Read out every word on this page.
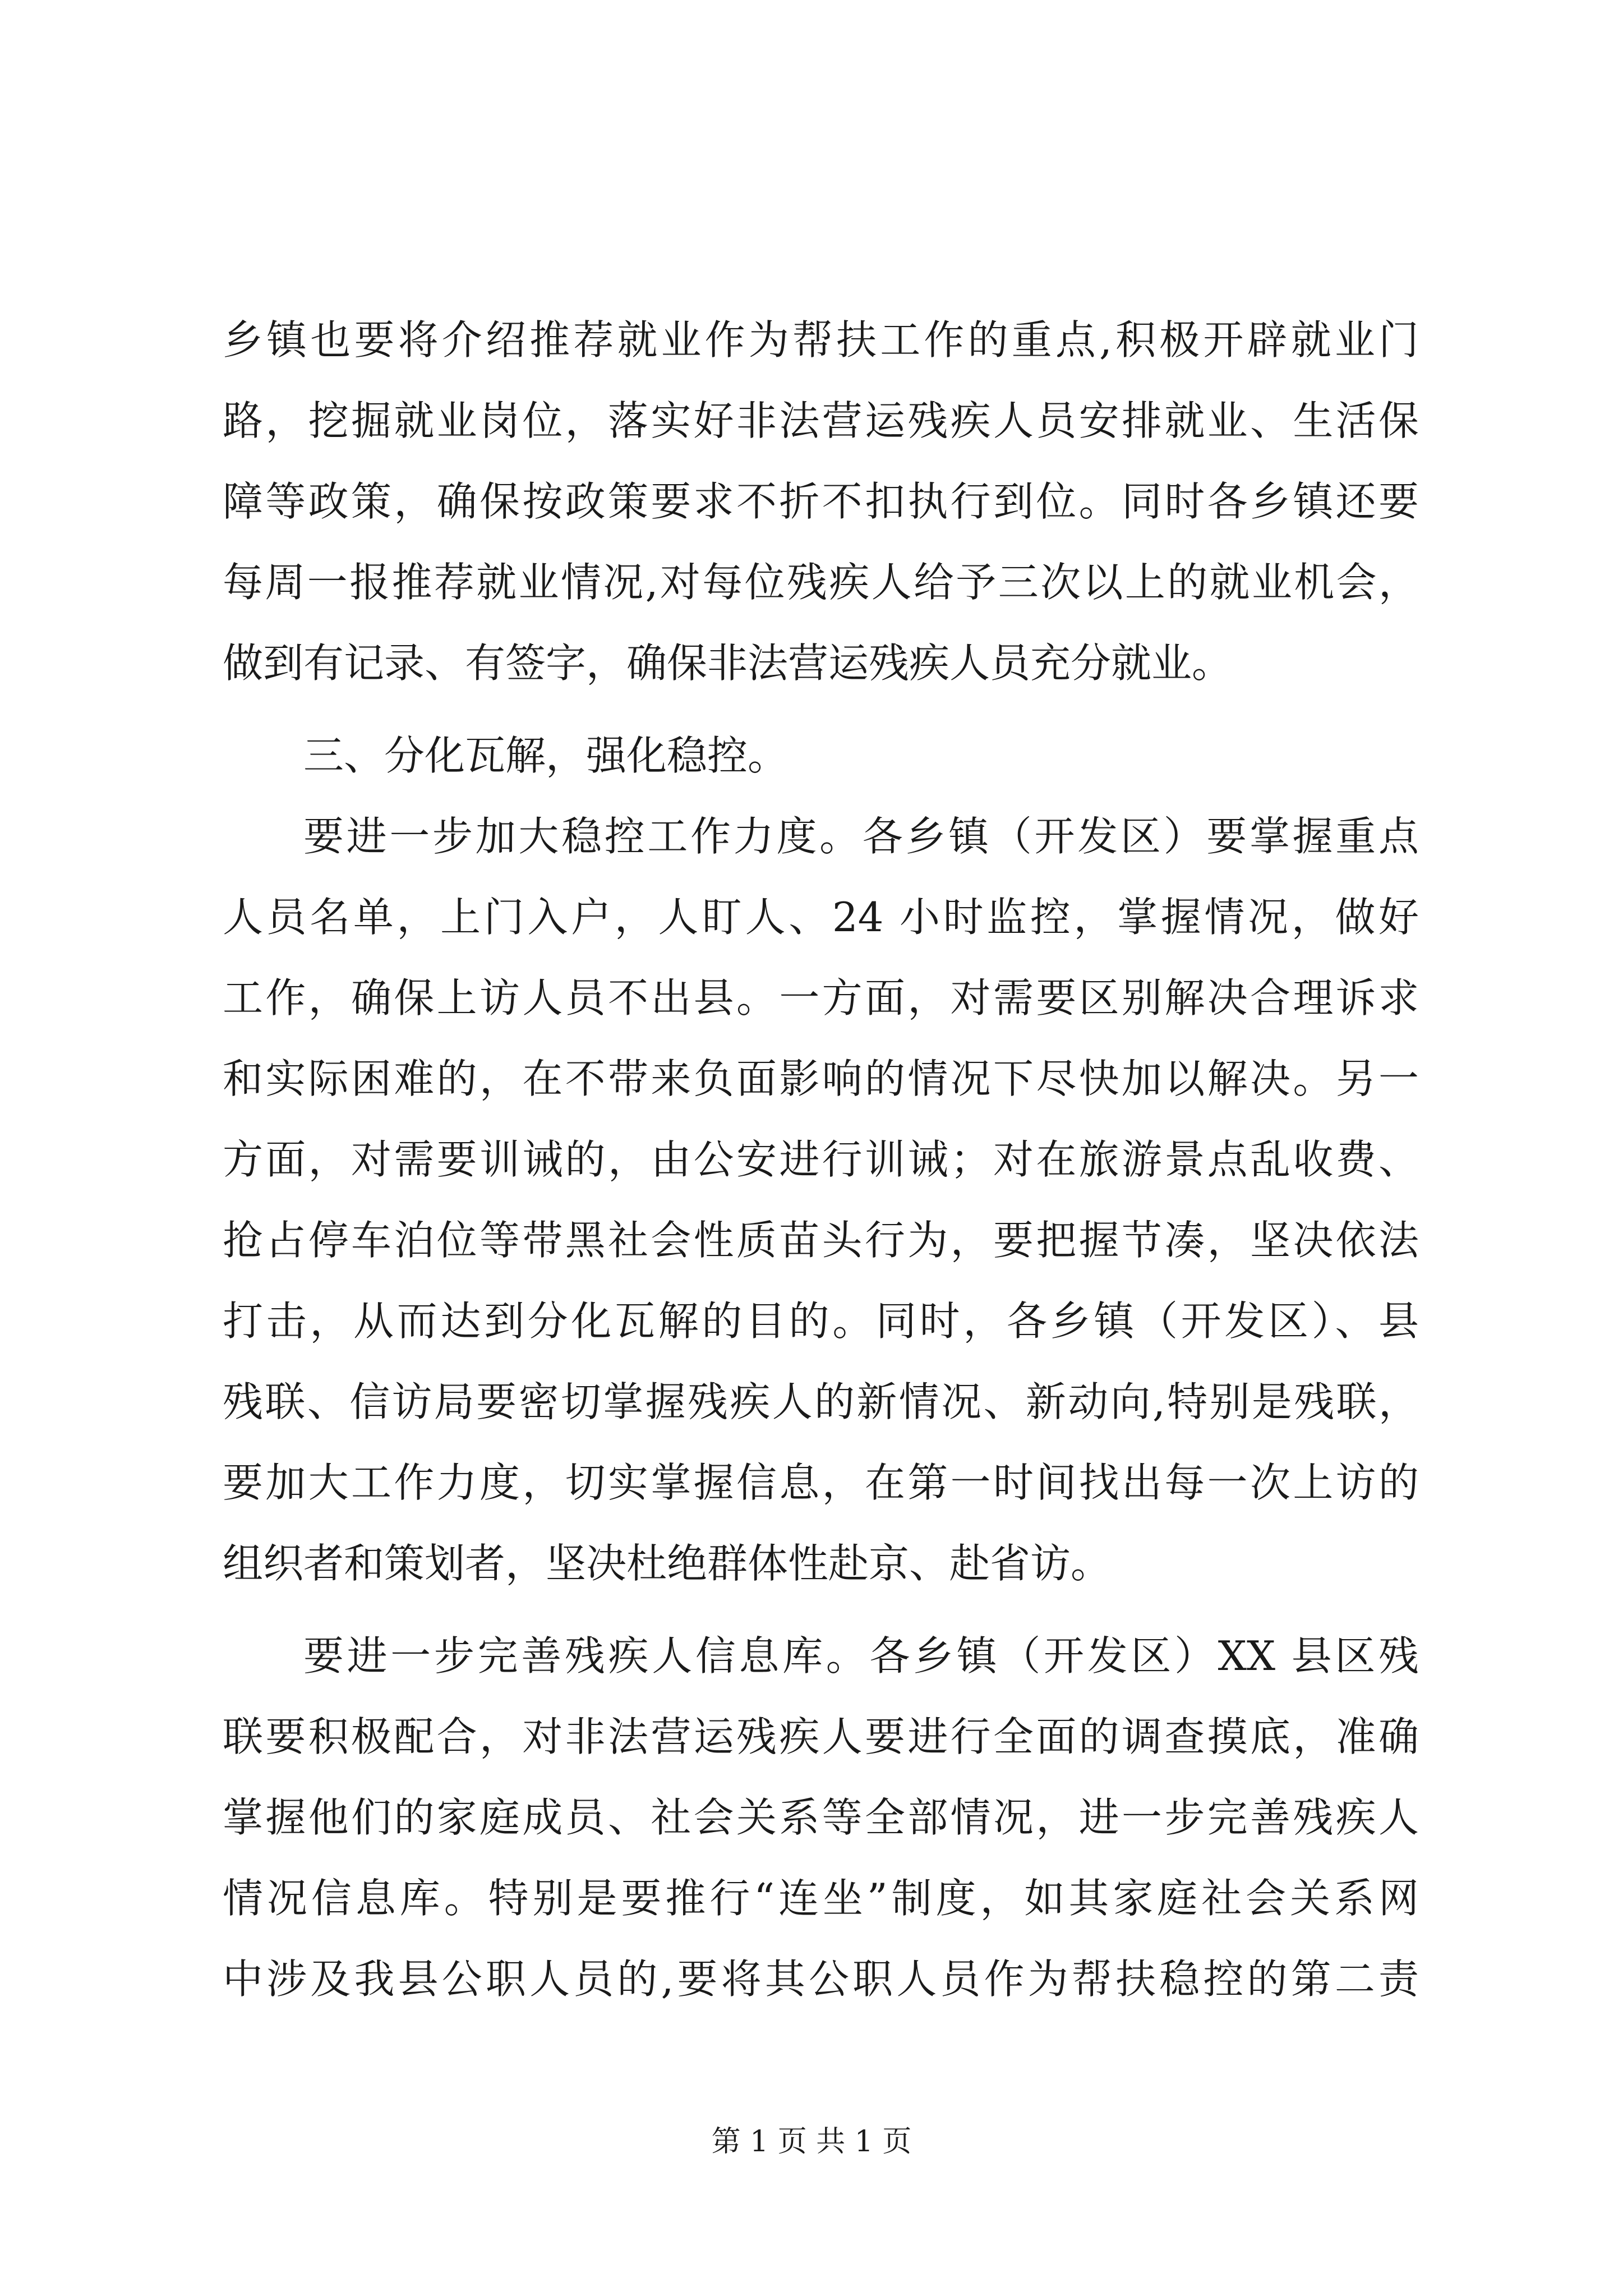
乡镇也要将介绍推荐就业作为帮扶工作的重点,积极开辟就业门
路，挖掘就业岗位，落实好非法营运残疾人员安排就业、生活保
障等政策，确保按政策要求不折不扣执行到位。同时各乡镇还要
每周一报推荐就业情况,对每位残疾人给予三次以上的就业机会，
做到有记录、有签字，确保非法营运残疾人员充分就业。
三、分化瓦解，强化稳控。
要进一步加大稳控工作力度。各乡镇（开发区）要掌握重点
人员名单，上门入户，人盯人、24 小时监控，掌握情况，做好
工作，确保上访人员不出县。一方面，对需要区别解决合理诉求
和实际困难的，在不带来负面影响的情况下尽快加以解决。另一
方面，对需要训诫的，由公安进行训诫；对在旅游景点乱收费、
抢占停车泊位等带黑社会性质苗头行为，要把握节凑，坚决依法
打击，从而达到分化瓦解的目的。同时，各乡镇（开发区）、县
残联、信访局要密切掌握残疾人的新情况、新动向,特别是残联，
要加大工作力度，切实掌握信息，在第一时间找出每一次上访的
组织者和策划者，坚决杜绝群体性赴京、赴省访。
要进一步完善残疾人信息库。各乡镇（开发区）XX 县区残
联要积极配合，对非法营运残疾人要进行全面的调查摸底，准确
掌握他们的家庭成员、社会关系等全部情况，进一步完善残疾人
情况信息库。特别是要推行“连坐”制度，如其家庭社会关系网
中涉及我县公职人员的,要将其公职人员作为帮扶稳控的第二责
第 1 页 共 1 页
